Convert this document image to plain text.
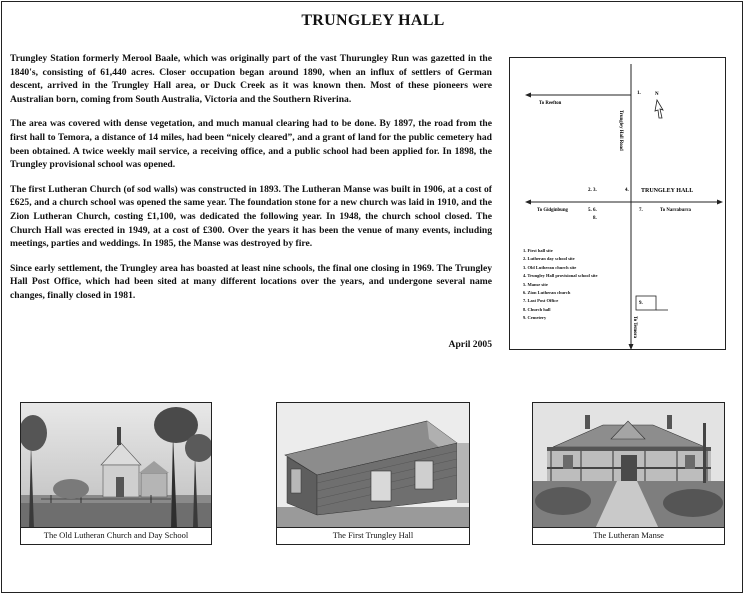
TRUNGLEY HALL

Trungley Station formerly Merool Baale, which was originally part of the vast Thurungley Run was gazetted in the 1840's, consisting of 61,440 acres. Closer occupation began around 1890, when an influx of settlers of German descent, arrived in the Trungley Hall area, or Duck Creek as it was known then. Most of these pioneers were Australian born, coming from South Australia, Victoria and the Southern Riverina.

The area was covered with dense vegetation, and much manual clearing had to be done. By 1897, the road from the first hall to Temora, a distance of 14 miles, had been “nicely cleared”, and a grant of land for the public cemetery had been obtained. A twice weekly mail service, a receiving office, and a public school had been applied for. In 1898, the Trungley provisional school was opened.

The first Lutheran Church (of sod walls) was constructed in 1893. The Lutheran Manse was built in 1906, at a cost of £625, and a church school was opened the same year. The foundation stone for a new church was laid in 1910, and the Zion Lutheran Church, costing £1,100, was dedicated the following year. In 1948, the church school closed. The Church Hall was erected in 1949, at a cost of £300. Over the years it has been the venue of many events, including meetings, parties and weddings. In 1985, the Manse was destroyed by fire.

Since early settlement, the Trungley area has boasted at least nine schools, the final one closing in 1969. The Trungley Hall Post Office, which had been sited at many different locations over the years, and undergone several name changes, finally closed in 1981.

April 2005
To Reefton
Trungley Hall Road
N
1.
2. 3.	4. TRUNGLEY HALL
To Gidginbung	5. 6.	7.	To Narraburra
8.
9.
To Temora
1. First hall site
2. Lutheran day school site
3. Old Lutheran church site
4. Trungley Hall provisional school site
5. Manse site
6. Zion Lutheran church
7. Last Post Office
8. Church hall
9. Cemetery
The Old Lutheran Church and Day School	The First Trungley Hall	The Lutheran Manse
